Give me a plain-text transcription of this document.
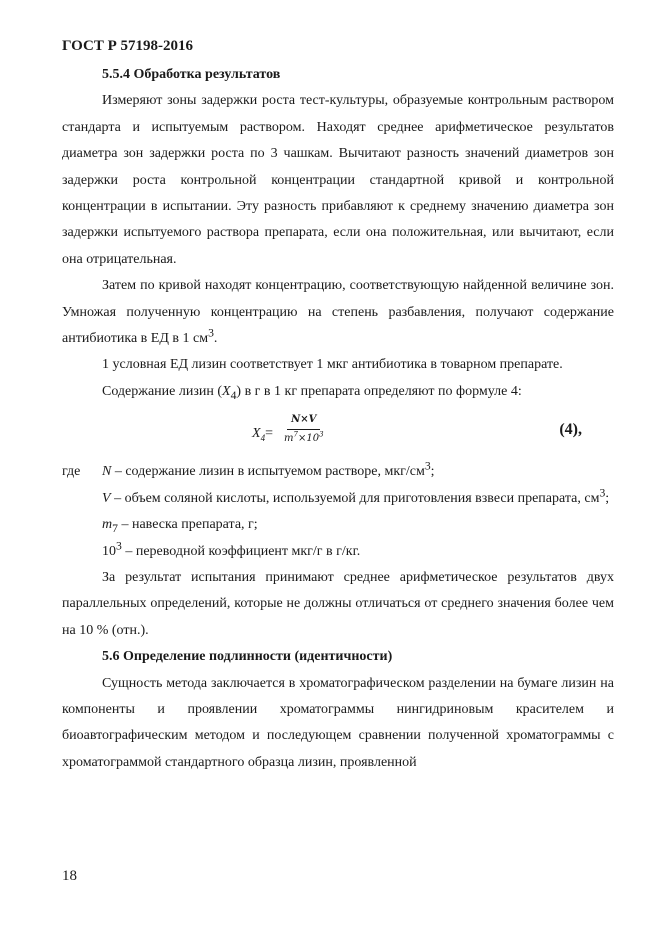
ГОСТ Р 57198-2016

5.5.4 Обработка результатов

Измеряют зоны задержки роста тест-культуры, образуемые контрольным раствором стандарта и испытуемым раствором. Находят среднее арифметическое результатов диаметра зон задержки роста по 3 чашкам. Вычитают разность значений диаметров зон задержки роста контрольной концентрации стандартной кривой и контрольной концентрации в испытании. Эту разность прибавляют к среднему значению диаметра зон задержки испытуемого раствора препарата, если она положительная, или вычитают, если она отрицательная.

Затем по кривой находят концентрацию, соответствующую найденной величине зон. Умножая полученную концентрацию на степень разбавления, получают содержание антибиотика в ЕД в 1 $см^3$.

1 условная ЕД лизин соответствует 1 мкг антибиотика в товарном препарате.

Содержание лизин $(X_4)$ в г в 1 кг препарата определяют по формуле 4:

$X_4= \frac{N\times V}{m^7\times 10^3}$	(4),

где N – содержание лизин в испытуемом растворе, мкг/$см^3$;

V – объем соляной кислоты, используемой для приготовления взвеси препарата, $см^3$;

$m_7$ – навеска препарата, г;

$10^3$ – переводной коэффициент мкг/г в г/кг.

За результат испытания принимают среднее арифметическое результатов двух параллельных определений, которые не должны отличаться от среднего значения более чем на 10 % (отн.).

5.6 Определение подлинности (идентичности)

Сущность метода заключается в хроматографическом разделении на бумаге лизин на компоненты и проявлении хроматограммы нингидриновым красителем и биоавтографическим методом и последующем сравнении полученной хроматограммы с хроматограммой стандартного образца лизин, проявленной

18
